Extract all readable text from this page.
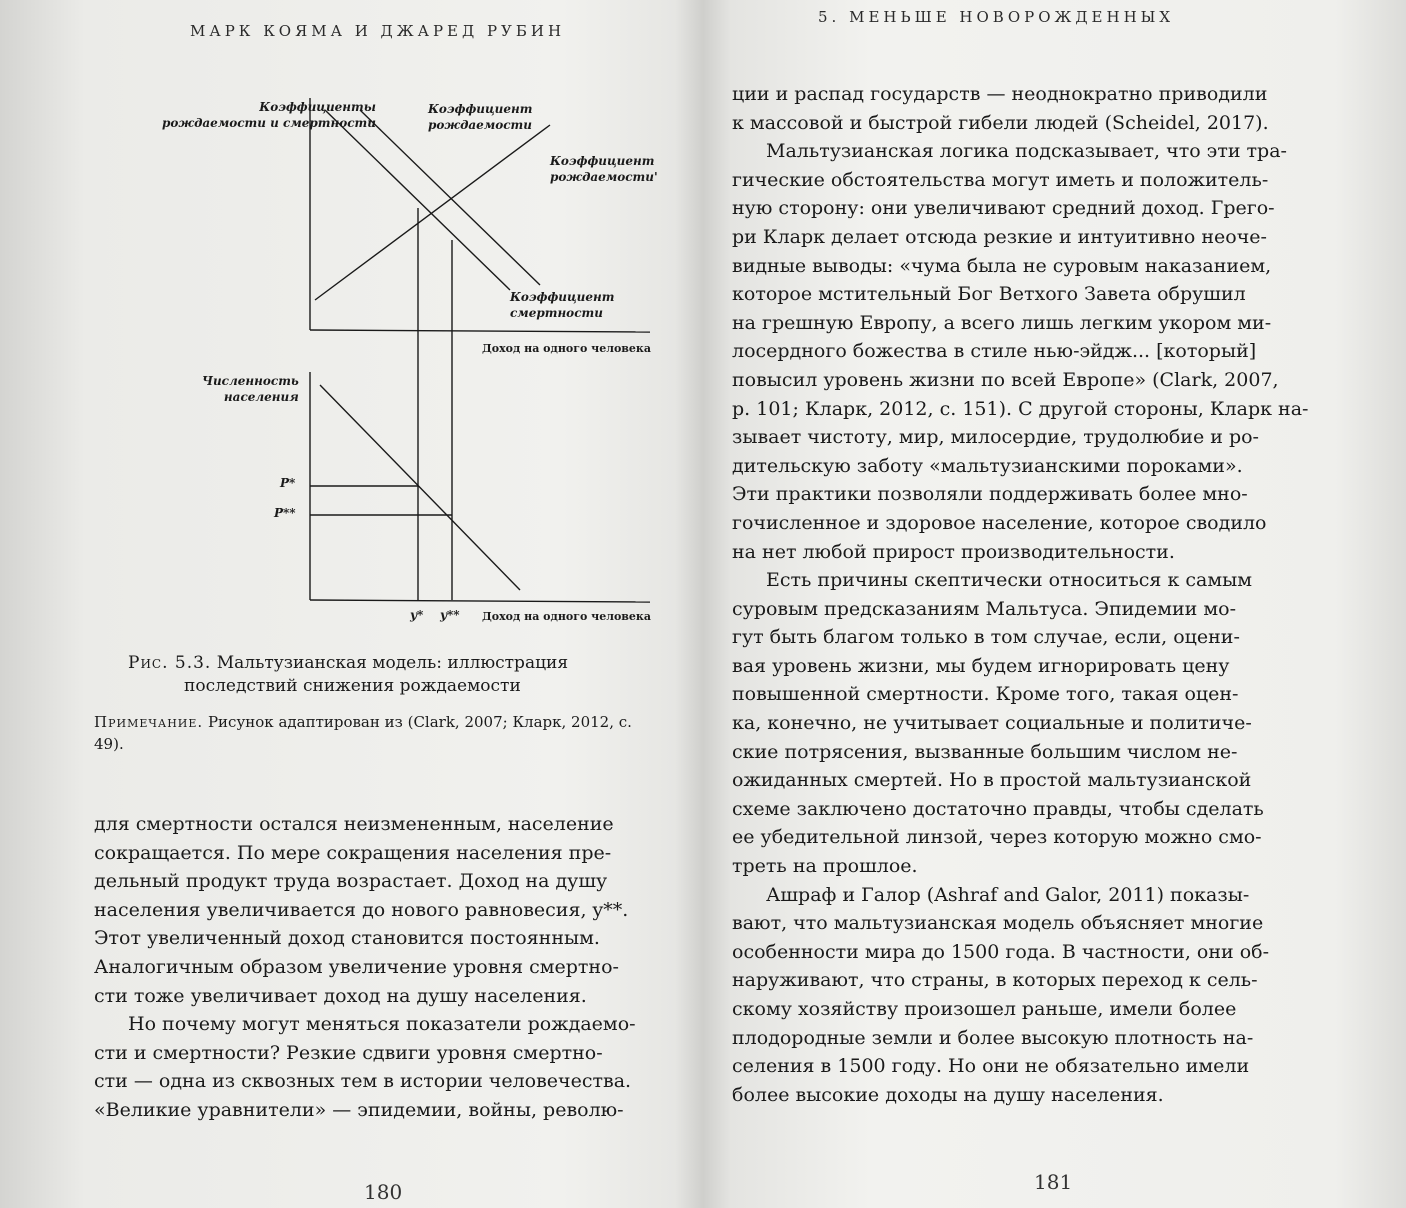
МАРК КОЯМА И ДЖАРЕД РУБИН
Коэффициенты
рождаемости и смертности
Коэффициент
рождаемости
Коэффициент
рождаемости'
Коэффициент
смертности
Доход на одного человека
Численность
населения
P*
P**
y* y** Доход на одного человека
Рис. 5.3. Мальтузианская модель: иллюстрация
последствий снижения рождаемости
Примечание. Рисунок адаптирован из (Clark, 2007; Кларк, 2012, с. 49).
для смертности остался неизмененным, население
сокращается. По мере сокращения населения пре-
дельный продукт труда возрастает. Доход на душу
населения увеличивается до нового равновесия, y**.
Этот увеличенный доход становится постоянным.
Аналогичным образом увеличение уровня смертно-
сти тоже увеличивает доход на душу населения.
Но почему могут меняться показатели рождаемо-
сти и смертности? Резкие сдвиги уровня смертно-
сти — одна из сквозных тем в истории человечества.
«Великие уравнители» — эпидемии, войны, револю-
180
5. МЕНЬШЕ НОВОРОЖДЕННЫХ
ции и распад государств — неоднократно приводили
к массовой и быстрой гибели людей (Scheidel, 2017).
Мальтузианская логика подсказывает, что эти тра-
гические обстоятельства могут иметь и положитель-
ную сторону: они увеличивают средний доход. Грего-
ри Кларк делает отсюда резкие и интуитивно неоче-
видные выводы: «чума была не суровым наказанием,
которое мстительный Бог Ветхого Завета обрушил
на грешную Европу, а всего лишь легким укором ми-
лосердного божества в стиле нью-эйдж... [который]
повысил уровень жизни по всей Европе» (Clark, 2007,
p. 101; Кларк, 2012, с. 151). С другой стороны, Кларк на-
зывает чистоту, мир, милосердие, трудолюбие и ро-
дительскую заботу «мальтузианскими пороками».
Эти практики позволяли поддерживать более мно-
гочисленное и здоровое население, которое сводило
на нет любой прирост производительности.
Есть причины скептически относиться к самым
суровым предсказаниям Мальтуса. Эпидемии мо-
гут быть благом только в том случае, если, оцени-
вая уровень жизни, мы будем игнорировать цену
повышенной смертности. Кроме того, такая оцен-
ка, конечно, не учитывает социальные и политиче-
ские потрясения, вызванные большим числом не-
ожиданных смертей. Но в простой мальтузианской
схеме заключено достаточно правды, чтобы сделать
ее убедительной линзой, через которую можно смо-
треть на прошлое.
Ашраф и Галор (Ashraf and Galor, 2011) показы-
вают, что мальтузианская модель объясняет многие
особенности мира до 1500 года. В частности, они об-
наруживают, что страны, в которых переход к сель-
скому хозяйству произошел раньше, имели более
плодородные земли и более высокую плотность на-
селения в 1500 году. Но они не обязательно имели
более высокие доходы на душу населения.
181
